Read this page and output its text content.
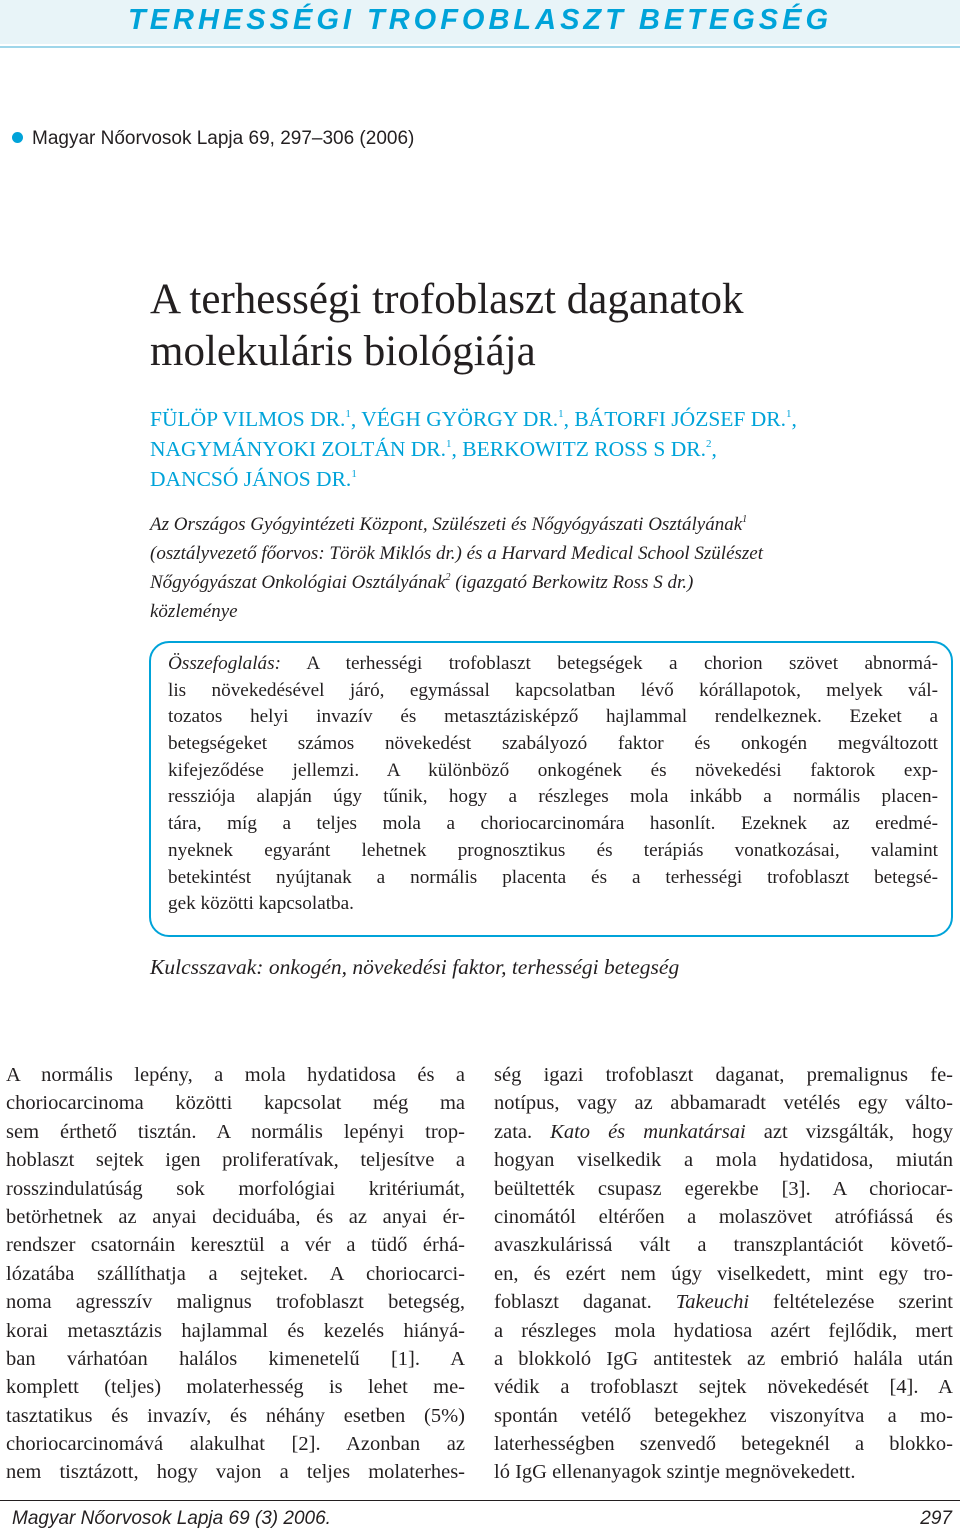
TERHESSÉGI TROFOBLASZT BETEGSÉG
Magyar Nőorvosok Lapja 69, 297–306 (2006)
A terhességi trofoblaszt daganatok
molekuláris biológiája
FÜLÖP VILMOS DR.$^1$, VÉGH GYÖRGY DR.$^1$, BÁTORFI JÓZSEF DR.$^1$,
NAGYMÁNYOKI ZOLTÁN DR.$^1$, BERKOWITZ ROSS S DR.$^2$,
DANCSÓ JÁNOS DR.$^1$
Az Országos Gyógyintézeti Központ, Szülészeti és Nőgyógyászati Osztályának$^1$
(osztályvezető főorvos: Török Miklós dr.) és a Harvard Medical School Szülészet
Nőgyógyászat Onkológiai Osztályának$^2$ (igazgató Berkowitz Ross S dr.)
közleménye
Összefoglalás: A terhességi trofoblaszt betegségek a chorion szövet abnormá-
lis növekedésével járó, egymással kapcsolatban lévő kórállapotok, melyek vál-
tozatos helyi invazív és metasztázisképző hajlammal rendelkeznek. Ezeket a
betegségeket számos növekedést szabályozó faktor és onkogén megváltozott
kifejeződése jellemzi. A különböző onkogének és növekedési faktorok exp-
ressziója alapján úgy tűnik, hogy a részleges mola inkább a normális placen-
tára, míg a teljes mola a choriocarcinomára hasonlít. Ezeknek az eredmé-
nyeknek egyaránt lehetnek prognosztikus és terápiás vonatkozásai, valamint
betekintést nyújtanak a normális placenta és a terhességi trofoblaszt betegsé-
gek közötti kapcsolatba.
Kulcsszavak: onkogén, növekedési faktor, terhességi betegség
A normális lepény, a mola hydatidosa és a
choriocarcinoma közötti kapcsolat még ma
sem érthető tisztán. A normális lepényi trop-
hoblaszt sejtek igen proliferatívak, teljesítve a
rosszindulatúság sok morfológiai kritériumát,
betörhetnek az anyai deciduába, és az anyai ér-
rendszer csatornáin keresztül a vér a tüdő érhá-
lózatába szállíthatja a sejteket. A choriocarci-
noma agresszív malignus trofoblaszt betegség,
korai metasztázis hajlammal és kezelés hiányá-
ban várhatóan halálos kimenetelű [1]. A
komplett (teljes) molaterhesség is lehet me-
tasztatikus és invazív, és néhány esetben (5%)
choriocarcinomává alakulhat [2]. Azonban az
nem tisztázott, hogy vajon a teljes molaterhes-
ség igazi trofoblaszt daganat, premalignus fe-
notípus, vagy az abbamaradt vetélés egy válto-
zata. Kato és munkatársai azt vizsgálták, hogy
hogyan viselkedik a mola hydatidosa, miután
beültették csupasz egerekbe [3]. A choriocar-
cinomától eltérően a molaszövet atrófiássá és
avaszkulárissá vált a transzplantációt követő-
en, és ezért nem úgy viselkedett, mint egy tro-
foblaszt daganat. Takeuchi feltételezése szerint
a részleges mola hydatiosa azért fejlődik, mert
a blokkoló IgG antitestek az embrió halála után
védik a trofoblaszt sejtek növekedését [4]. A
spontán vetélő betegekhez viszonyítva a mo-
laterhességben szenvedő betegeknél a blokko-
ló IgG ellenanyagok szintje megnövekedett.
Magyar Nőorvosok Lapja 69 (3) 2006.	297
